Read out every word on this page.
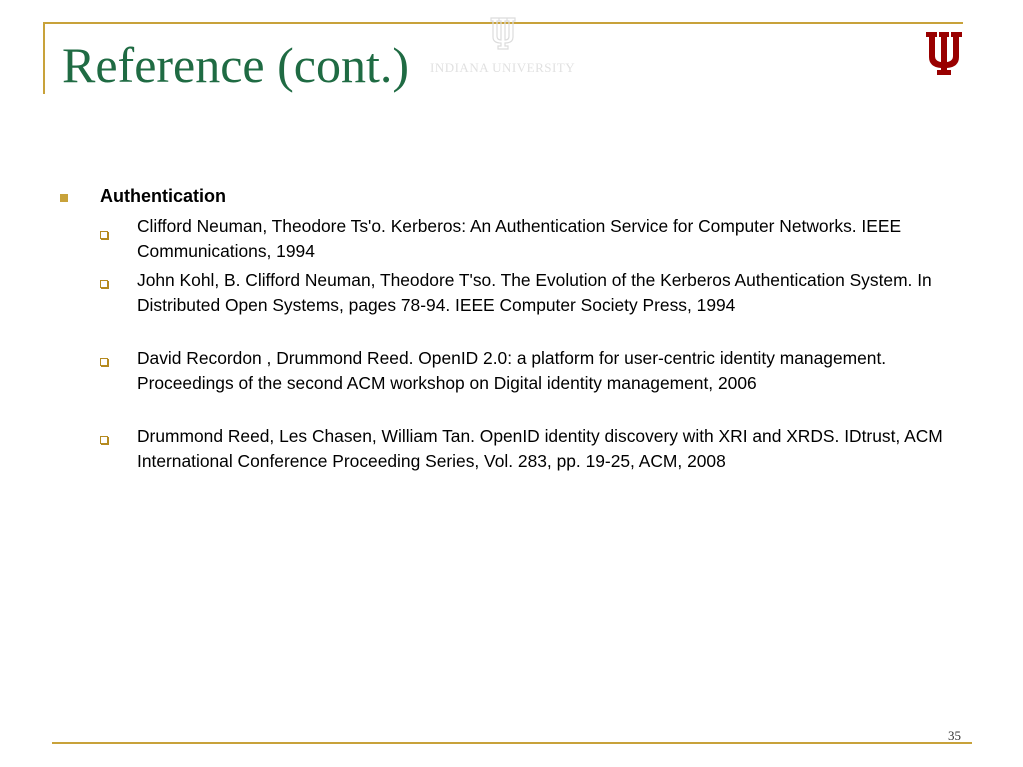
INDIANA UNIVERSITY
Reference (cont.)
Authentication
Clifford Neuman, Theodore Ts'o. Kerberos: An Authentication Service for Computer Networks. IEEE Communications, 1994
John Kohl, B. Clifford Neuman, Theodore T'so. The Evolution of the Kerberos Authentication System. In Distributed Open Systems, pages 78-94. IEEE Computer Society Press, 1994
David Recordon , Drummond Reed. OpenID 2.0: a platform for user-centric identity management. Proceedings of the second ACM workshop on Digital identity management, 2006
Drummond Reed, Les Chasen, William Tan. OpenID identity discovery with XRI and XRDS. IDtrust, ACM International Conference Proceeding Series, Vol. 283, pp. 19-25, ACM, 2008
35
